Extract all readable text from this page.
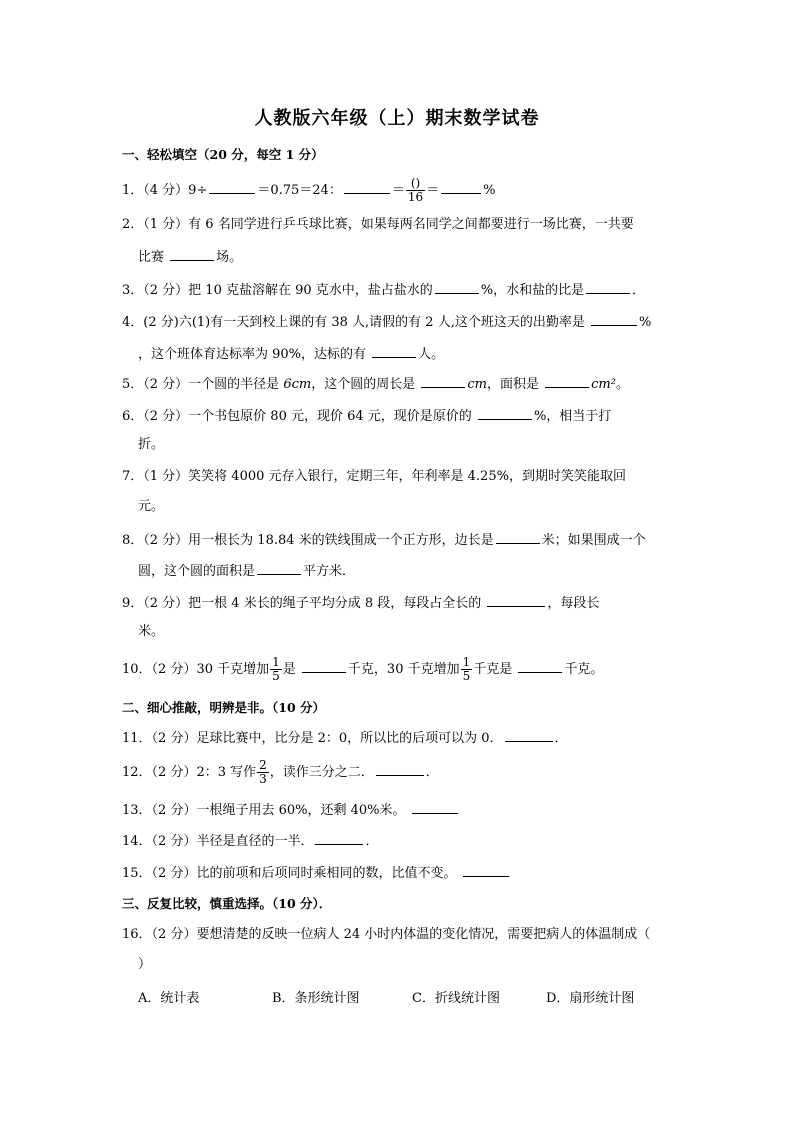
人教版六年级（上）期末数学试卷
一、轻松填空（20 分，每空 1 分）
1．（4 分）9÷	＝0.75＝24：	＝ $\frac{()}{16}$ ＝	%
2．（1 分）有 6 名同学进行乒乓球比赛，如果每两名同学之间都要进行一场比赛，一共要
比赛	场。
3．（2 分）把 10 克盐溶解在 90 克水中，盐占盐水的	%，水和盐的比是	．
4．(2 分)六(1)有一天到校上课的有 38 人,请假的有 2 人,这个班这天的出勤率是	%
，这个班体育达标率为 90%，达标的有	人。
5．（2 分）一个圆的半径是 6cm，这个圆的周长是	cm，面积是	cm²。
6．（2 分）一个书包原价 80 元，现价 64 元，现价是原价的	%，相当于打
折。
7．（1 分）笑笑将 4000 元存入银行，定期三年，年利率是 4.25%，到期时笑笑能取回
元。
8．（2 分）用一根长为 18.84 米的铁线围成一个正方形，边长是	米；如果围成一个
圆，这个圆的面积是	平方米．
9．（2 分）把一根 4 米长的绳子平均分成 8 段，每段占全长的	，每段长
米。
10．（2 分）30 千克增加 $\frac{1}{5}$ 是	千克，30 千克增加 $\frac{1}{5}$ 千克是	千克。
二、细心推敲，明辨是非。（10 分）
11．（2 分）足球比赛中，比分是 2：0，所以比的后项可以为 0．	．
12．（2 分）2：3 写作 $\frac{2}{3}$ ，读作三分之二．	．
13．（2 分）一根绳子用去 60%，还剩 40%米。
14．（2 分）半径是直径的一半．	．
15．（2 分）比的前项和后项同时乘相同的数，比值不变。
三、反复比较，慎重选择。（10 分）．
16．（2 分）要想清楚的反映一位病人 24 小时内体温的变化情况，需要把病人的体温制成（
）
A．统计表	B．条形统计图	C．折线统计图	D．扇形统计图
